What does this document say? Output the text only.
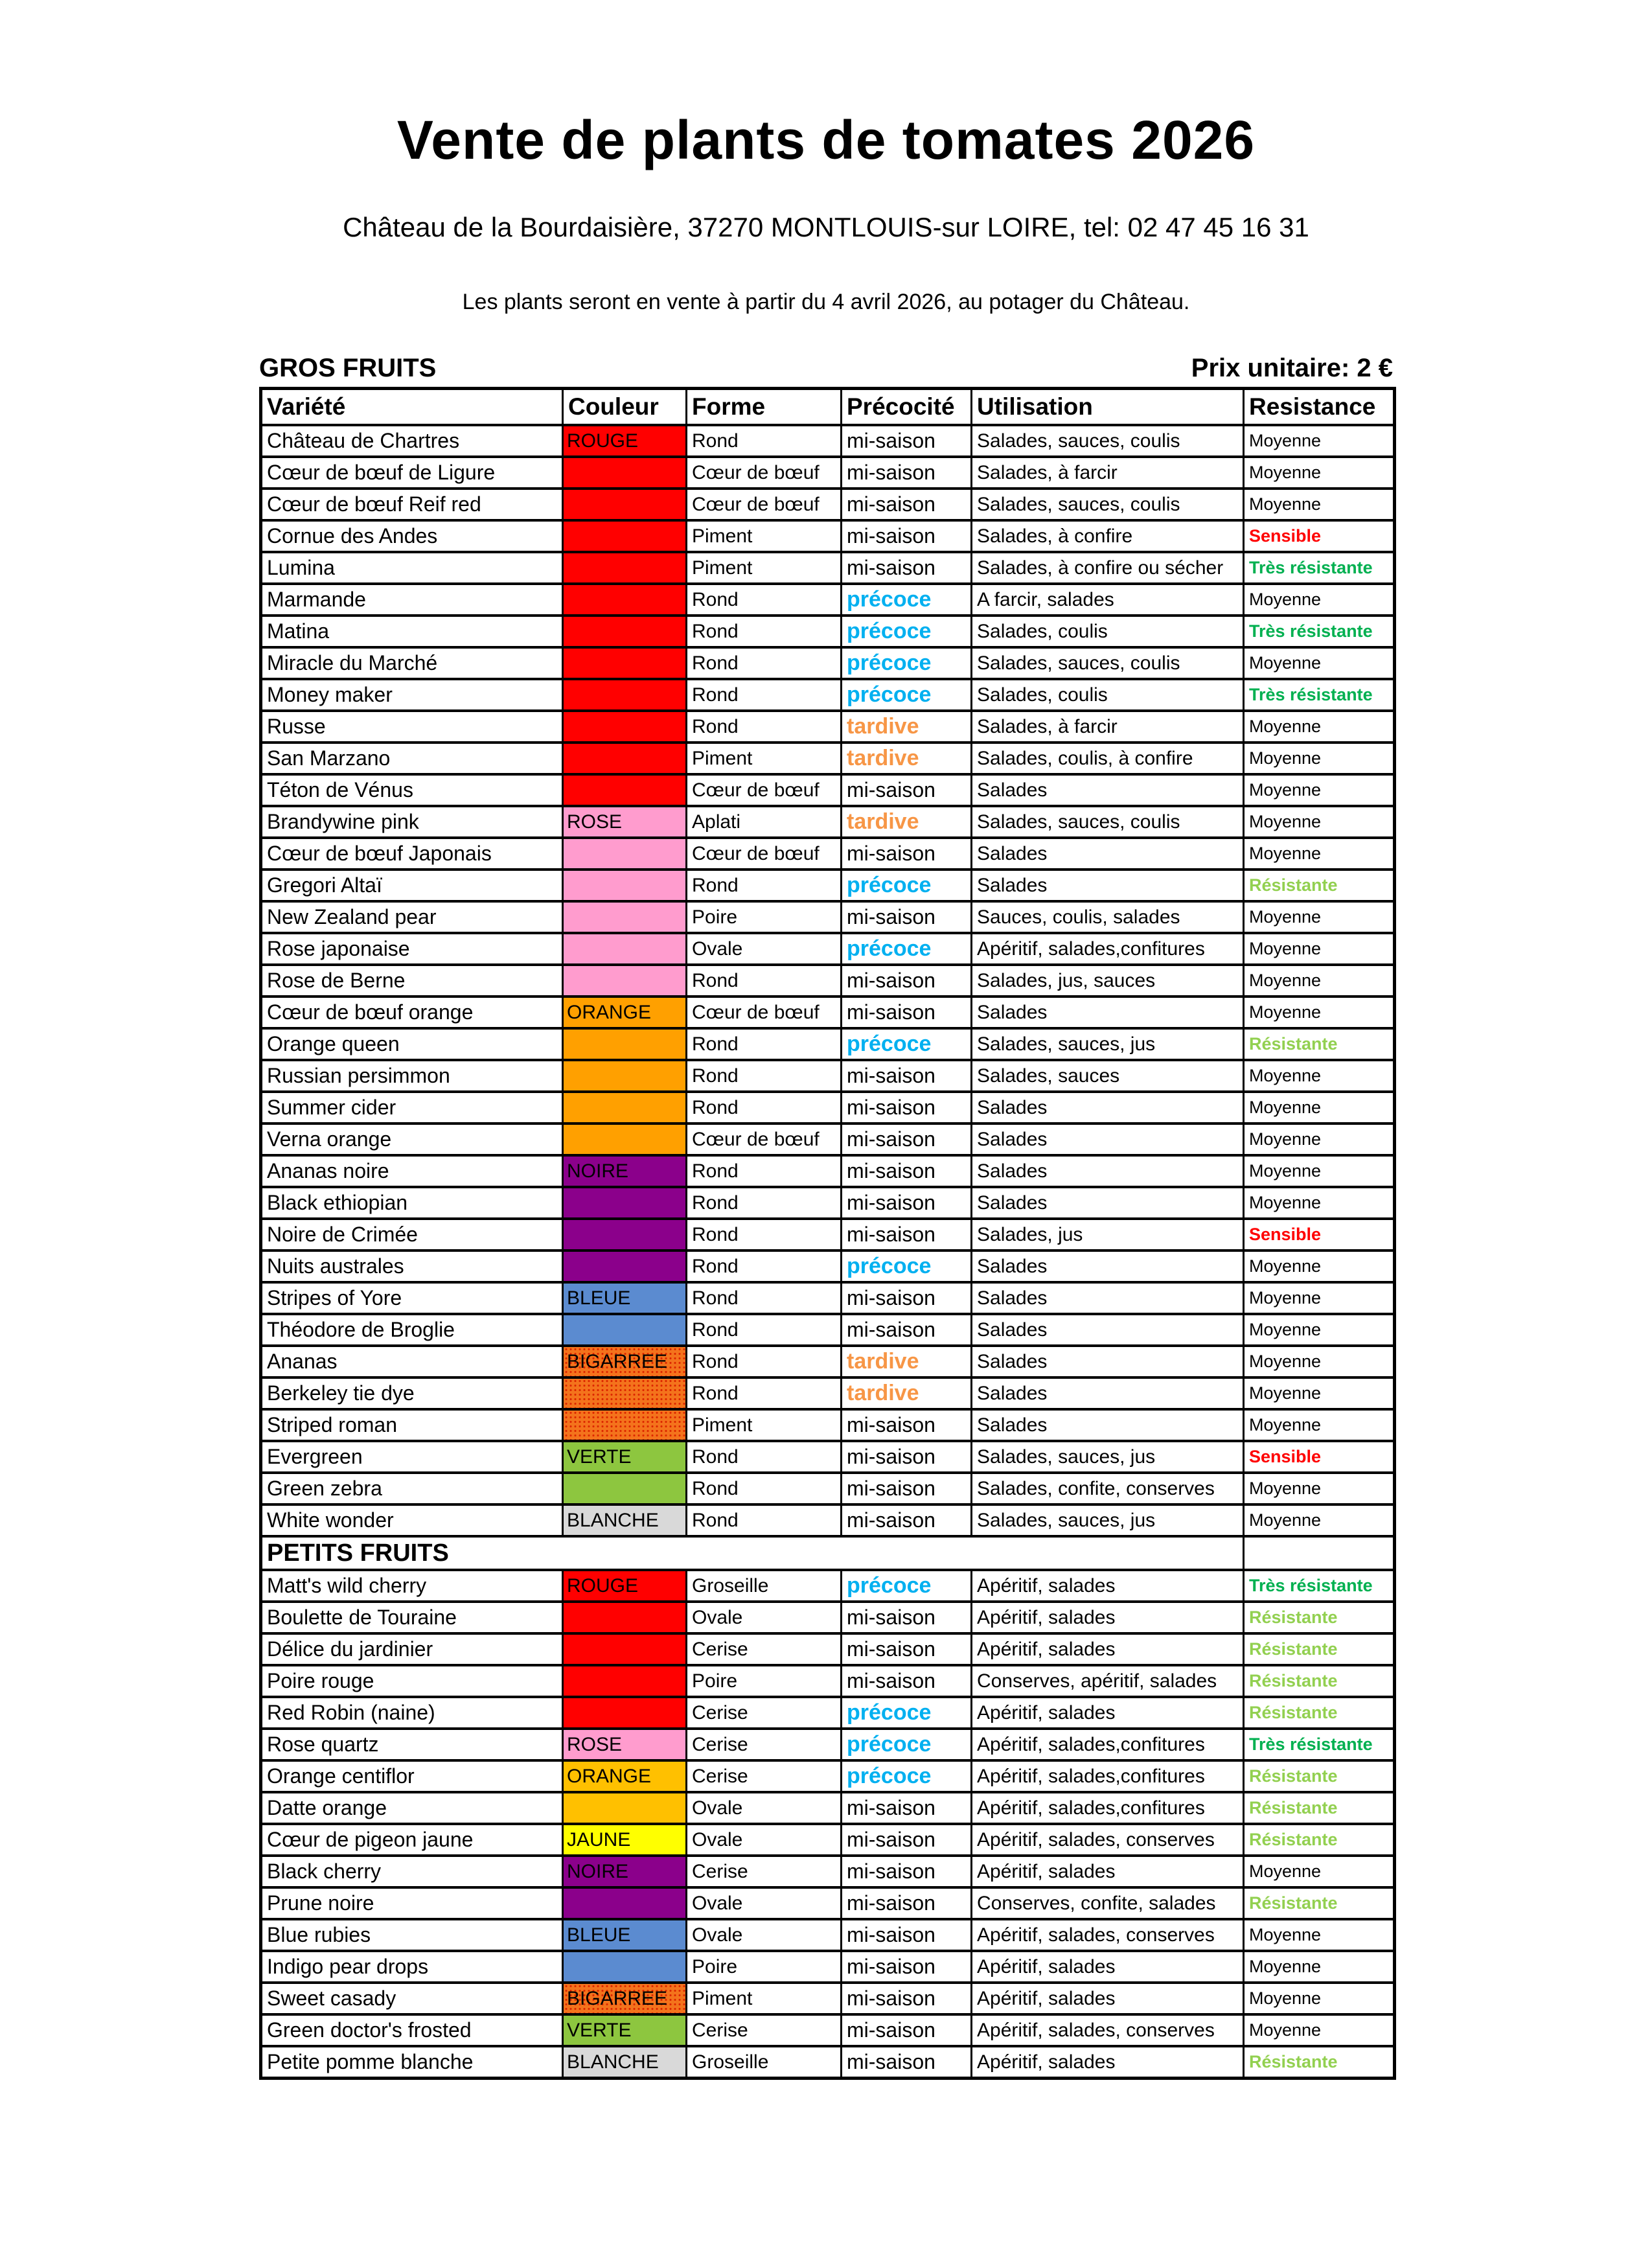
Vente de plants de tomates 2026
Château de la Bourdaisière, 37270 MONTLOUIS-sur LOIRE, tel: 02 47 45 16 31
Les plants seront en vente à partir du 4 avril 2026, au potager du Château.
GROS FRUITS	Prix unitaire: 2 €
Variété	Couleur	Forme	Précocité	Utilisation	Resistance
Château de Chartres	ROUGE	Rond	mi-saison	Salades, sauces, coulis	Moyenne
Cœur de bœuf de Ligure		Cœur de bœuf	mi-saison	Salades, à farcir	Moyenne
Cœur de bœuf Reif red		Cœur de bœuf	mi-saison	Salades, sauces, coulis	Moyenne
Cornue des Andes		Piment	mi-saison	Salades, à confire	Sensible
Lumina		Piment	mi-saison	Salades, à confire ou sécher	Très résistante
Marmande		Rond	précoce	A farcir, salades	Moyenne
Matina		Rond	précoce	Salades, coulis	Très résistante
Miracle du Marché		Rond	précoce	Salades, sauces, coulis	Moyenne
Money maker		Rond	précoce	Salades, coulis	Très résistante
Russe		Rond	tardive	Salades, à farcir	Moyenne
San Marzano		Piment	tardive	Salades, coulis, à confire	Moyenne
Téton de Vénus		Cœur de bœuf	mi-saison	Salades	Moyenne
Brandywine pink	ROSE	Aplati	tardive	Salades, sauces, coulis	Moyenne
Cœur de bœuf Japonais		Cœur de bœuf	mi-saison	Salades	Moyenne
Gregori Altaï		Rond	précoce	Salades	Résistante
New Zealand pear		Poire	mi-saison	Sauces, coulis, salades	Moyenne
Rose japonaise		Ovale	précoce	Apéritif, salades,confitures	Moyenne
Rose de Berne		Rond	mi-saison	Salades, jus, sauces	Moyenne
Cœur de bœuf orange	ORANGE	Cœur de bœuf	mi-saison	Salades	Moyenne
Orange queen		Rond	précoce	Salades, sauces, jus	Résistante
Russian persimmon		Rond	mi-saison	Salades, sauces	Moyenne
Summer cider		Rond	mi-saison	Salades	Moyenne
Verna orange		Cœur de bœuf	mi-saison	Salades	Moyenne
Ananas noire	NOIRE	Rond	mi-saison	Salades	Moyenne
Black ethiopian		Rond	mi-saison	Salades	Moyenne
Noire de Crimée		Rond	mi-saison	Salades, jus	Sensible
Nuits australes		Rond	précoce	Salades	Moyenne
Stripes of Yore	BLEUE	Rond	mi-saison	Salades	Moyenne
Théodore de Broglie		Rond	mi-saison	Salades	Moyenne
Ananas	BIGARREE	Rond	tardive	Salades	Moyenne
Berkeley tie dye		Rond	tardive	Salades	Moyenne
Striped roman		Piment	mi-saison	Salades	Moyenne
Evergreen	VERTE	Rond	mi-saison	Salades, sauces, jus	Sensible
Green zebra		Rond	mi-saison	Salades, confite, conserves	Moyenne
White wonder	BLANCHE	Rond	mi-saison	Salades, sauces, jus	Moyenne
PETITS FRUITS					
Matt's wild cherry	ROUGE	Groseille	précoce	Apéritif, salades	Très résistante
Boulette de Touraine		Ovale	mi-saison	Apéritif, salades	Résistante
Délice du jardinier		Cerise	mi-saison	Apéritif, salades	Résistante
Poire rouge		Poire	mi-saison	Conserves, apéritif, salades	Résistante
Red Robin (naine)		Cerise	précoce	Apéritif, salades	Résistante
Rose quartz	ROSE	Cerise	précoce	Apéritif, salades,confitures	Très résistante
Orange centiflor	ORANGE	Cerise	précoce	Apéritif, salades,confitures	Résistante
Datte orange		Ovale	mi-saison	Apéritif, salades,confitures	Résistante
Cœur de pigeon jaune	JAUNE	Ovale	mi-saison	Apéritif, salades, conserves	Résistante
Black cherry	NOIRE	Cerise	mi-saison	Apéritif, salades	Moyenne
Prune noire		Ovale	mi-saison	Conserves, confite, salades	Résistante
Blue rubies	BLEUE	Ovale	mi-saison	Apéritif, salades, conserves	Moyenne
Indigo pear drops		Poire	mi-saison	Apéritif, salades	Moyenne
Sweet casady	BIGARREE	Piment	mi-saison	Apéritif, salades	Moyenne
Green doctor's frosted	VERTE	Cerise	mi-saison	Apéritif, salades, conserves	Moyenne
Petite pomme blanche	BLANCHE	Groseille	mi-saison	Apéritif, salades	Résistante
